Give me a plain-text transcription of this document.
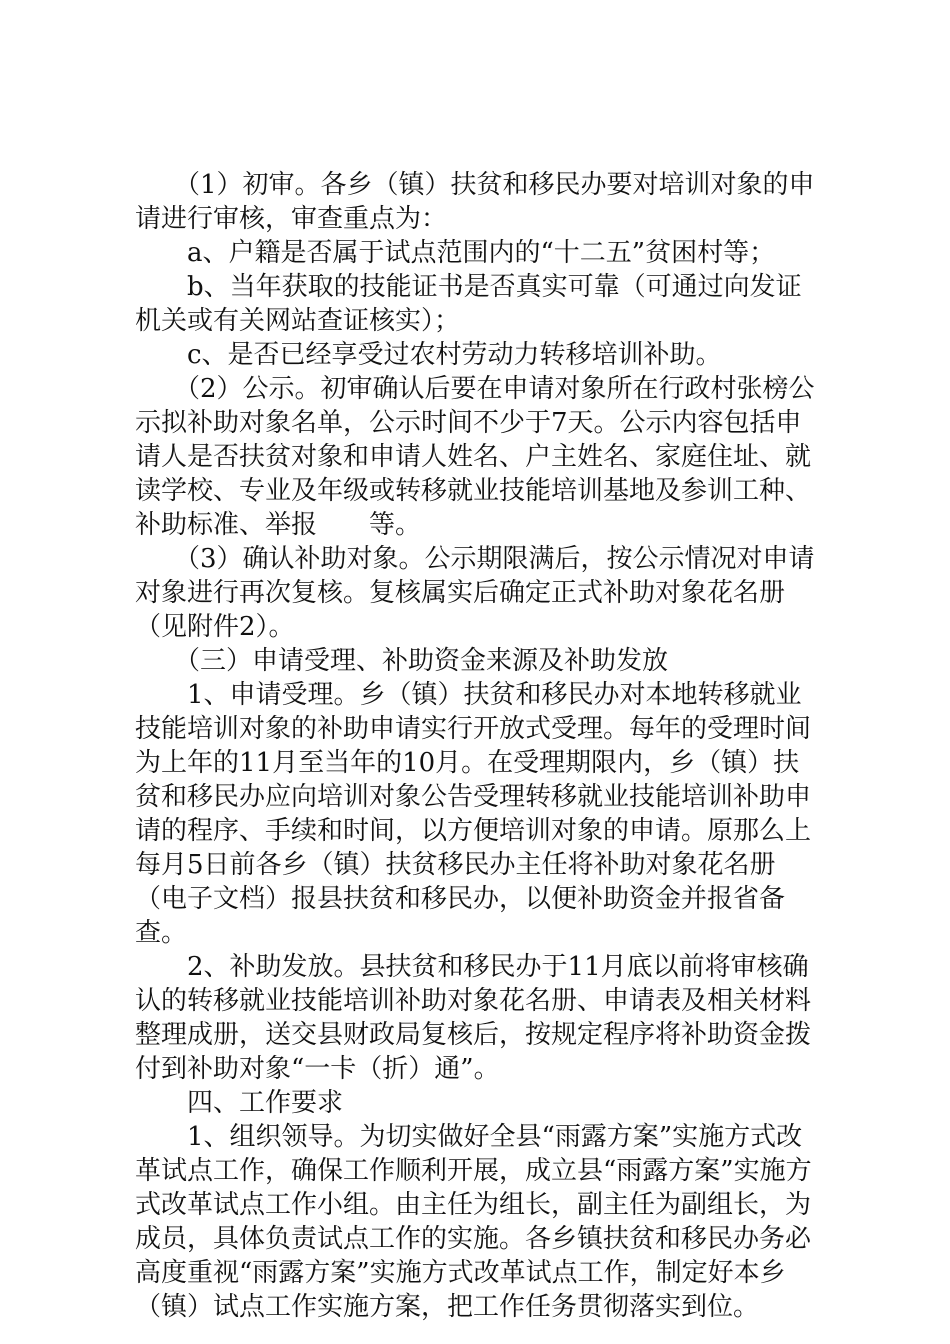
　　（1）初审。各乡（镇）扶贫和移民办要对培训对象的申请进行审核，审查重点为：

　　a、户籍是否属于试点范围内的“十二五”贫困村等；

　　b、当年获取的技能证书是否真实可靠（可通过向发证机关或有关网站查证核实）；

　　c、是否已经享受过农村劳动力转移培训补助。

　　（2）公示。初审确认后要在申请对象所在行政村张榜公示拟补助对象名单，公示时间不少于7天。公示内容包括申请人是否扶贫对象和申请人姓名、户主姓名、家庭住址、就读学校、专业及年级或转移就业技能培训基地及参训工种、补助标准、举报　　等。

　　（3）确认补助对象。公示期限满后，按公示情况对申请对象进行再次复核。复核属实后确定正式补助对象花名册（见附件2）。

　　（三）申请受理、补助资金来源及补助发放

　　1、申请受理。乡（镇）扶贫和移民办对本地转移就业技能培训对象的补助申请实行开放式受理。每年的受理时间为上年的11月至当年的10月。在受理期限内，乡（镇）扶贫和移民办应向培训对象公告受理转移就业技能培训补助申请的程序、手续和时间，以方便培训对象的申请。原那么上每月5日前各乡（镇）扶贫移民办主任将补助对象花名册（电子文档）报县扶贫和移民办，以便补助资金并报省备查。

　　2、补助发放。县扶贫和移民办于11月底以前将审核确认的转移就业技能培训补助对象花名册、申请表及相关材料整理成册，送交县财政局复核后，按规定程序将补助资金拨付到补助对象“一卡（折）通”。

　　四、工作要求

　　1、组织领导。为切实做好全县“雨露方案”实施方式改革试点工作，确保工作顺利开展，成立县“雨露方案”实施方式改革试点工作小组。由主任为组长，副主任为副组长，为成员，具体负责试点工作的实施。各乡镇扶贫和移民办务必高度重视“雨露方案”实施方式改革试点工作，制定好本乡（镇）试点工作实施方案，把工作任务贯彻落实到位。
